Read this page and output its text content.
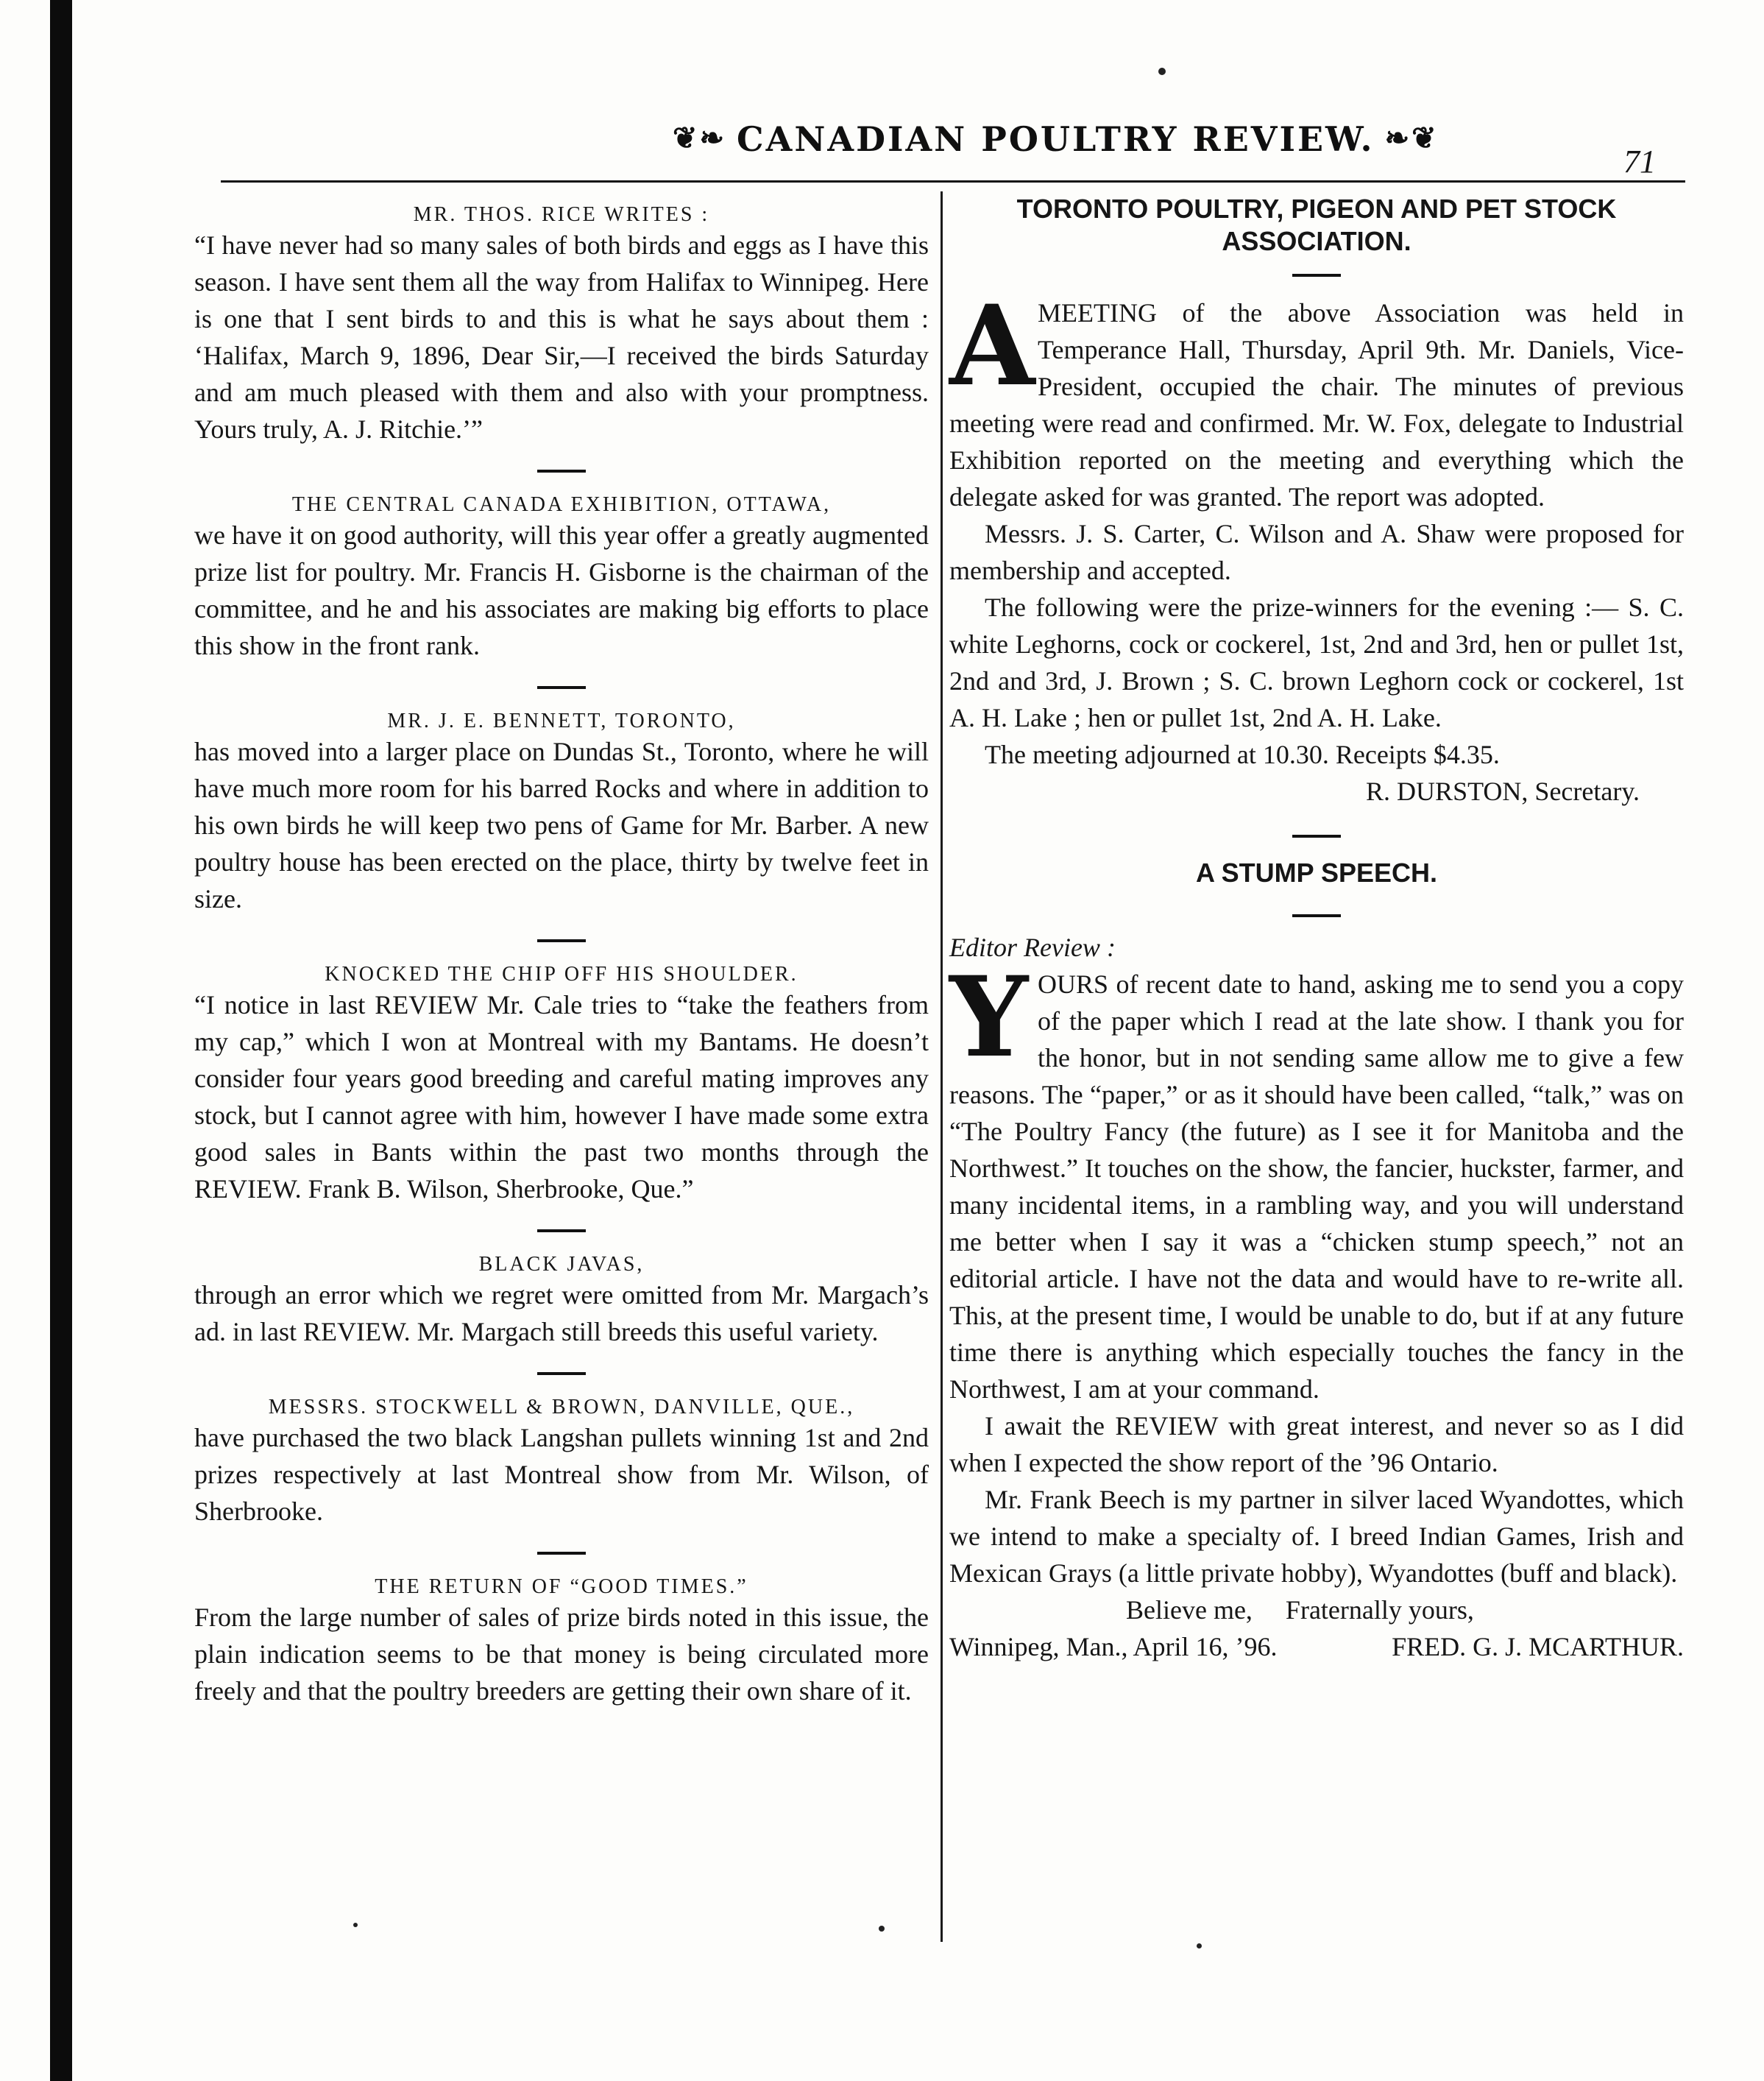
❦❧ CANADIAN POULTRY REVIEW. ❧❦
71

MR. THOS. RICE WRITES :

“I have never had so many sales of both birds and eggs as I have this season. I have sent them all the way from Halifax to Winnipeg. Here is one that I sent birds to and this is what he says about them : ‘Halifax, March 9, 1896, Dear Sir,—I received the birds Saturday and am much pleased with them and also with your promptness. Yours truly, A. J. Ritchie.’”

THE CENTRAL CANADA EXHIBITION, OTTAWA,

we have it on good authority, will this year offer a greatly augmented prize list for poultry. Mr. Francis H. Gisborne is the chairman of the committee, and he and his associates are making big efforts to place this show in the front rank.

MR. J. E. BENNETT, TORONTO,

has moved into a larger place on Dundas St., Toronto, where he will have much more room for his barred Rocks and where in addition to his own birds he will keep two pens of Game for Mr. Barber. A new poultry house has been erected on the place, thirty by twelve feet in size.

KNOCKED THE CHIP OFF HIS SHOULDER.

“I notice in last REVIEW Mr. Cale tries to “take the feathers from my cap,” which I won at Montreal with my Bantams. He doesn’t consider four years good breeding and careful mating improves any stock, but I cannot agree with him, however I have made some extra good sales in Bants within the past two months through the REVIEW. Frank B. Wilson, Sherbrooke, Que.”

BLACK JAVAS,

through an error which we regret were omitted from Mr. Margach’s ad. in last REVIEW. Mr. Margach still breeds this useful variety.

MESSRS. STOCKWELL & BROWN, DANVILLE, QUE.,

have purchased the two black Langshan pullets winning 1st and 2nd prizes respectively at last Montreal show from Mr. Wilson, of Sherbrooke.

THE RETURN OF “GOOD TIMES.”

From the large number of sales of prize birds noted in this issue, the plain indication seems to be that money is being circulated more freely and that the poultry breeders are getting their own share of it.

TORONTO POULTRY, PIGEON AND PET STOCK ASSOCIATION.

AMEETING of the above Association was held in Temperance Hall, Thursday, April 9th. Mr. Daniels, Vice-President, occupied the chair. The minutes of previous meeting were read and confirmed. Mr. W. Fox, delegate to Industrial Exhibition reported on the meeting and everything which the delegate asked for was granted. The report was adopted.

Messrs. J. S. Carter, C. Wilson and A. Shaw were proposed for membership and accepted.

The following were the prize-winners for the evening :— S. C. white Leghorns, cock or cockerel, 1st, 2nd and 3rd, hen or pullet 1st, 2nd and 3rd, J. Brown ; S. C. brown Leghorn cock or cockerel, 1st A. H. Lake ; hen or pullet 1st, 2nd A. H. Lake.

The meeting adjourned at 10.30. Receipts $4.35.

R. DURSTON, Secretary.

A STUMP SPEECH.

Editor Review :

YOURS of recent date to hand, asking me to send you a copy of the paper which I read at the late show. I thank you for the honor, but in not sending same allow me to give a few reasons. The “paper,” or as it should have been called, “talk,” was on “The Poultry Fancy (the future) as I see it for Manitoba and the Northwest.” It touches on the show, the fancier, huckster, farmer, and many incidental items, in a rambling way, and you will understand me better when I say it was a “chicken stump speech,” not an editorial article. I have not the data and would have to re-write all. This, at the present time, I would be unable to do, but if at any future time there is anything which especially touches the fancy in the Northwest, I am at your command.

I await the REVIEW with great interest, and never so as I did when I expected the show report of the ’96 Ontario.

Mr. Frank Beech is my partner in silver laced Wyandottes, which we intend to make a specialty of. I breed Indian Games, Irish and Mexican Grays (a little private hobby), Wyandottes (buff and black).

Believe me,     Fraternally yours,

Winnipeg, Man., April 16, ’96.	FRED. G. J. MCARTHUR.
